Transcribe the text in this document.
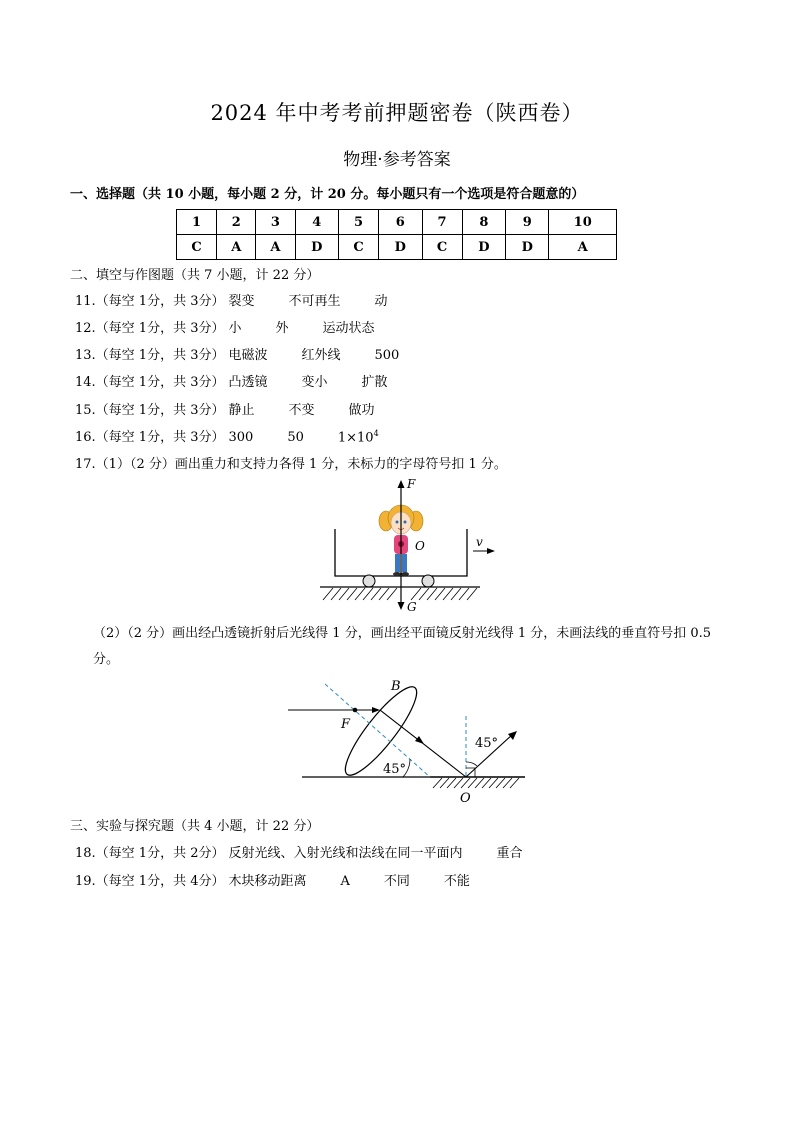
2024 年中考考前押题密卷（陕西卷）
物理·参考答案
一、选择题（共 10 小题，每小题 2 分，计 20 分。每小题只有一个选项是符合题意的）
1	2	3	4	5	6	7	8	9	10
C	A	A	D	C	D	C	D	D	A
二、填空与作图题（共 7 小题，计 22 分）
11.（每空 1分，共 3分） 裂变	不可再生	动
12.（每空 1分，共 3分） 小	外	运动状态
13.（每空 1分，共 3分） 电磁波	红外线	500
14.（每空 1分，共 3分） 凸透镜	变小	扩散
15.（每空 1分，共 3分） 静止	不变	做功
16.（每空 1分，共 3分） 300	50	$1\times 10^4$
17.（1）（2 分）画出重力和支持力各得 1 分，未标力的字母符号扣 1 分。
F
G
O	v
（2）（2 分）画出经凸透镜折射后光线得 1 分，画出经平面镜反射光线得 1 分，未画法线的垂直符号扣 0.5分。
B
F
O
45°
45°
三、实验与探究题（共 4 小题，计 22 分）
18.（每空 1分，共 2分） 反射光线、入射光线和法线在同一平面内	重合
19.（每空 1分，共 4分） 木块移动距离	A	不同	不能
